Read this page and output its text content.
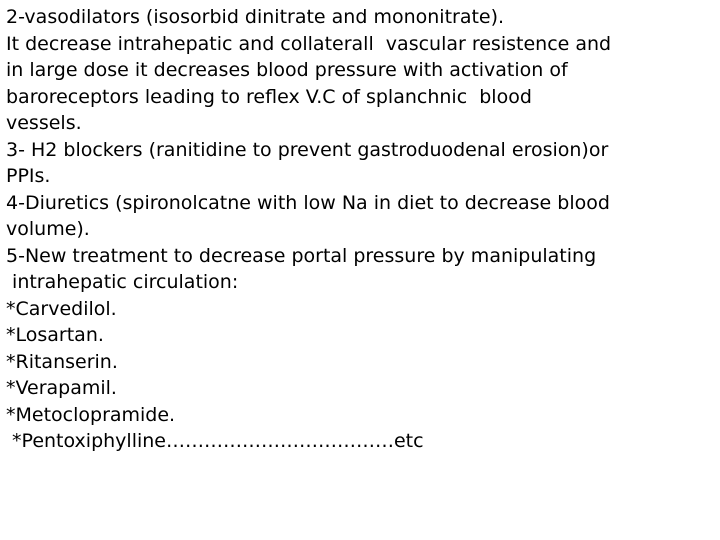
2-vasodilators (isosorbid dinitrate and mononitrate).
It decrease intrahepatic and collaterall  vascular resistence and
in large dose it decreases blood pressure with activation of
baroreceptors leading to reflex V.C of splanchnic  blood
vessels.
3- H2 blockers (ranitidine to prevent gastroduodenal erosion)or
PPIs.
4-Diuretics (spironolcatne with low Na in diet to decrease blood
volume).
5-New treatment to decrease portal pressure by manipulating
intrahepatic circulation:
*Carvedilol.
*Losartan.
*Ritanserin.
*Verapamil.
*Metoclopramide.
*Pentoxiphylline………………………………etc
